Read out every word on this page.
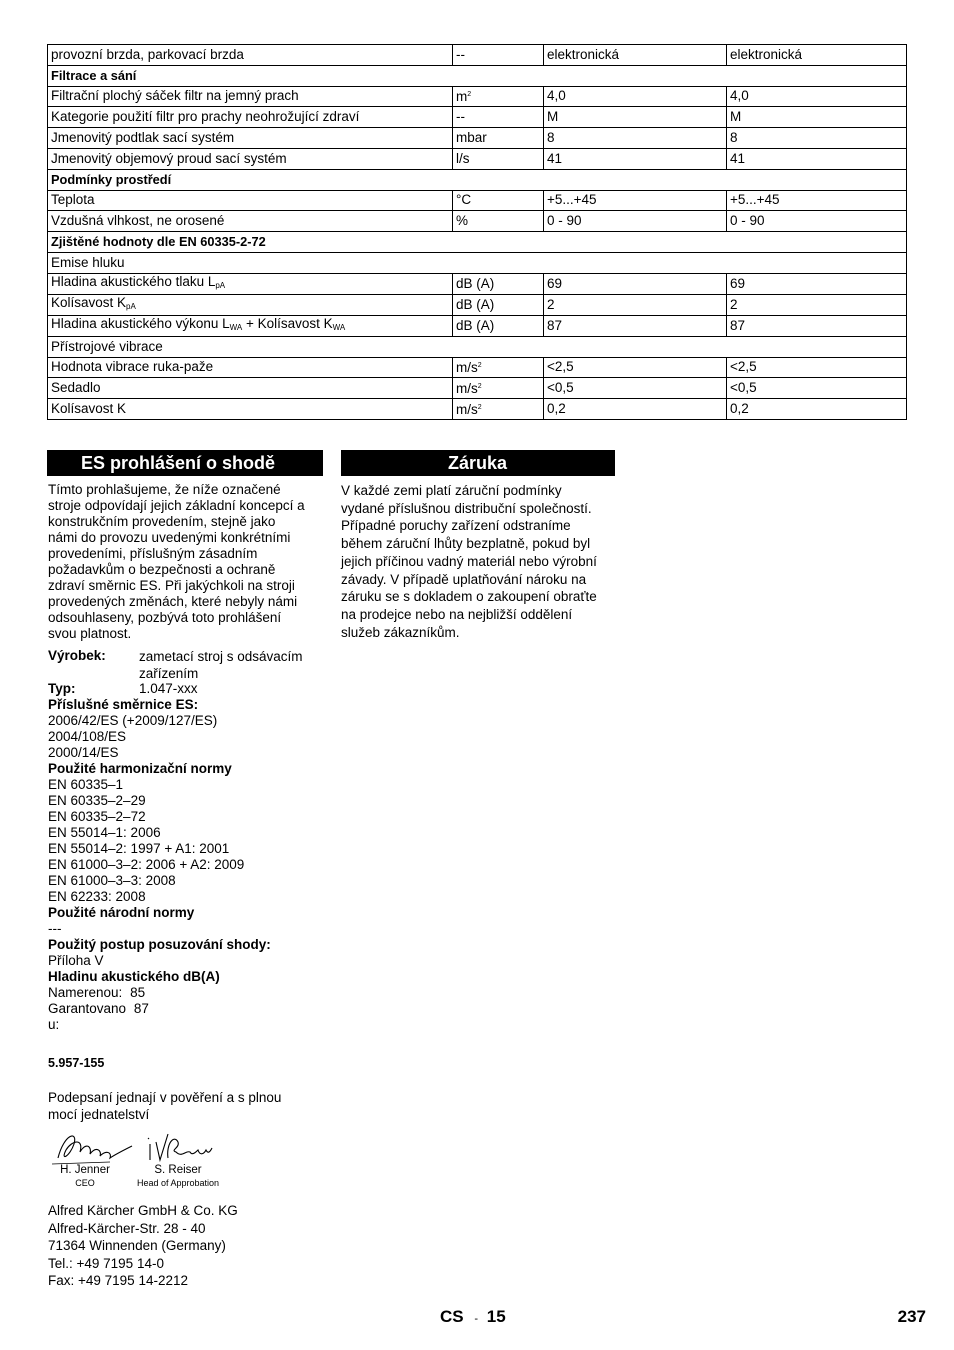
provozní brzda, parkovací brzda	--	elektronická	elektronická
Filtrace a sání			
Filtrační plochý sáček filtr na jemný prach	$m^2$	4,0	4,0
Kategorie použití filtr pro prachy neohrožující zdraví	--	M	M
Jmenovitý podtlak sací systém	mbar	8	8
Jmenovitý objemový proud sací systém	l/s	41	41
Podmínky prostředí			
Teplota	°C	+5...+45	+5...+45
Vzdušná vlhkost, ne orosené	%	0 - 90	0 - 90
Zjištěné hodnoty dle EN 60335-2-72			
Emise hluku			
Hladina akustického tlaku $L_{pA}$	dB (A)	69	69
Kolísavost $K_{pA}$	dB (A)	2	2
Hladina akustického výkonu $L_{WA}$ + Kolísavost $K_{WA}$	dB (A)	87	87
Přístrojové vibrace			
Hodnota vibrace ruka-paže	$m/s^2$	<2,5	<2,5
Sedadlo	$m/s^2$	<0,5	<0,5
Kolísavost K	$m/s^2$	0,2	0,2
ES prohlášení o shodě	Záruka
Tímto prohlašujeme, že níže označené
stroje odpovídají jejich základní koncepcí a
konstrukčním provedením, stejně jako
námi do provozu uvedenými konkrétními
provedeními, příslušným zásadním
požadavkům o bezpečnosti a ochraně
zdraví směrnic ES. Při jakýchkoli na stroji
provedených změnách, které nebyly námi
odsouhlaseny, pozbývá toto prohlášení
svou platnost.
Výrobek:	zametací stroj s odsávacím
zařízením
Typ:	1.047-xxx
Příslušné směrnice ES:
2006/42/ES (+2009/127/ES)
2004/108/ES
2000/14/ES
Použité harmonizační normy
EN 60335–1
EN 60335–2–29
EN 60335–2–72
EN 55014–1: 2006
EN 55014–2: 1997 + A1: 2001
EN 61000–3–2: 2006 + A2: 2009
EN 61000–3–3: 2008
EN 62233: 2008
Použité národní normy
---
Použitý postup posuzování shody:
Příloha V
Hladinu akustického dB(A)
Namerenou: 85
Garantovano 87
u:
5.957-155
Podepsaní jednají v pověření a s plnou
mocí jednatelství
H. Jenner
CEO
S. Reiser
Head of Approbation
Alfred Kärcher GmbH & Co. KG
Alfred-Kärcher-Str. 28 - 40
71364 Winnenden (Germany)
Tel.: +49 7195 14-0
Fax: +49 7195 14-2212
V každé zemi platí záruční podmínky
vydané příslušnou distribuční společností.
Případné poruchy zařízení odstraníme
během záruční lhůty bezplatně, pokud byl
jejich příčinou vadný materiál nebo výrobní
závady. V případě uplatňování nároku na
záruku se s dokladem o zakoupení obraťte
na prodejce nebo na nejbližší oddělení
služeb zákazníkům.
CS - 15	237
